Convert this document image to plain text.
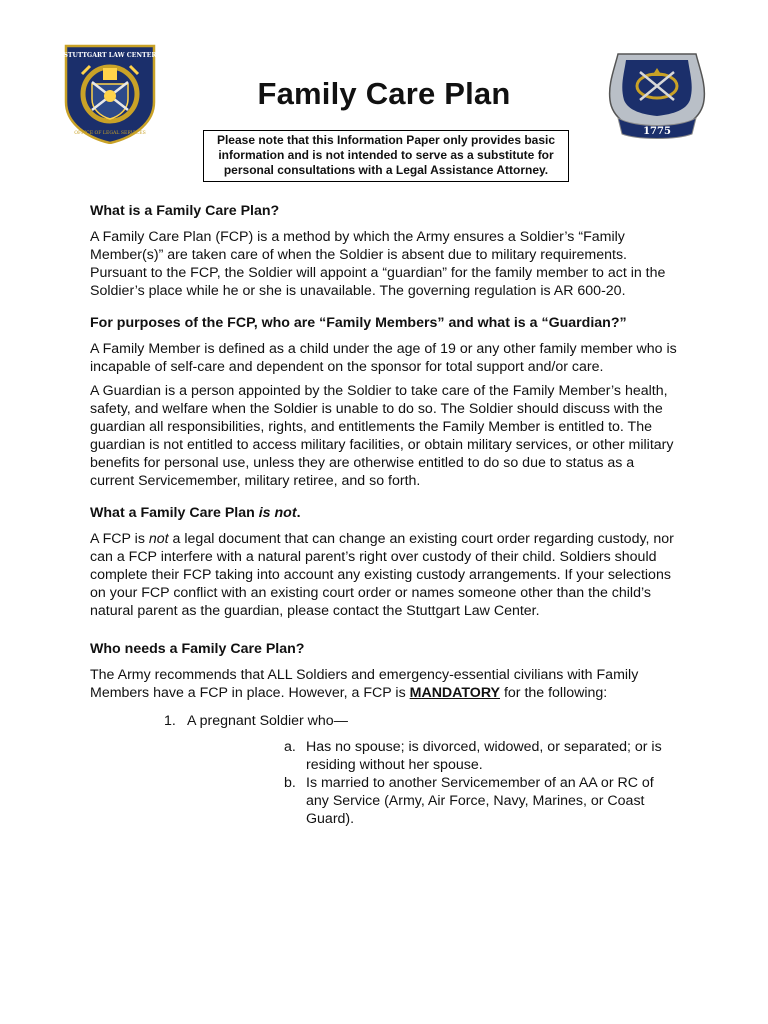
STUTTGART LAW CENTER
OFFICE OF LEGAL SERVICES	1775
Family Care Plan
Please note that this Information Paper only provides basic information and is not intended to serve as a substitute for personal consultations with a Legal Assistance Attorney.
What is a Family Care Plan?

A Family Care Plan (FCP) is a method by which the Army ensures a Soldier’s “Family Member(s)” are taken care of when the Soldier is absent due to military requirements. Pursuant to the FCP, the Soldier will appoint a “guardian” for the family member to act in the Soldier’s place while he or she is unavailable. The governing regulation is AR 600-20.

For purposes of the FCP, who are “Family Members” and what is a “Guardian?”

A Family Member is defined as a child under the age of 19 or any other family member who is incapable of self-care and dependent on the sponsor for total support and/or care.

A Guardian is a person appointed by the Soldier to take care of the Family Member’s health, safety, and welfare when the Soldier is unable to do so. The Soldier should discuss with the guardian all responsibilities, rights, and entitlements the Family Member is entitled to. The guardian is not entitled to access military facilities, or obtain military services, or other military benefits for personal use, unless they are otherwise entitled to do so due to status as a current Servicemember, military retiree, and so forth.

What a Family Care Plan is not.

A FCP is not a legal document that can change an existing court order regarding custody, nor can a FCP interfere with a natural parent’s right over custody of their child. Soldiers should complete their FCP taking into account any existing custody arrangements. If your selections on your FCP conflict with an existing court order or names someone other than the child’s natural parent as the guardian, please contact the Stuttgart Law Center.

Who needs a Family Care Plan?

The Army recommends that ALL Soldiers and emergency-essential civilians with Family Members have a FCP in place. However, a FCP is MANDATORY for the following:

1. A pregnant Soldier who—
a. Has no spouse; is divorced, widowed, or separated; or is residing without her spouse.
b. Is married to another Servicemember of an AA or RC of any Service (Army, Air Force, Navy, Marines, or Coast Guard).
